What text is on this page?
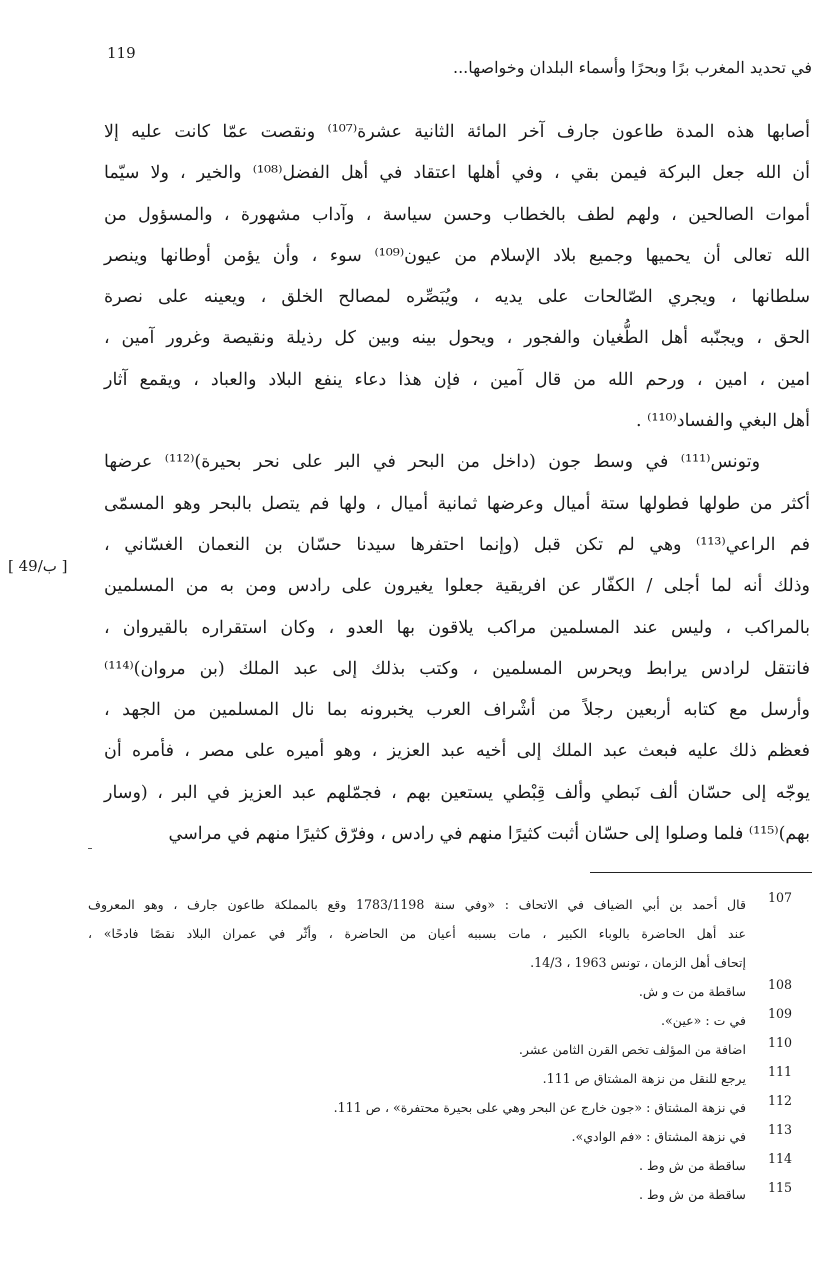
119
في تحديد المغرب برًا وبحرًا وأسماء البلدان وخواصها...
أصابها هذه المدة طاعون جارف آخر المائة الثانية عشرة⁽¹⁰⁷⁾ ونقصت عمّا كانت عليه إلا
أن الله جعل البركة فيمن بقي ، وفي أهلها اعتقاد في أهل الفضل⁽¹⁰⁸⁾ والخير ، ولا سيّما
أموات الصالحين ، ولهم لطف بالخطاب وحسن سياسة ، وآداب مشهورة ، والمسؤول من
الله تعالى أن يحميها وجميع بلاد الإسلام من عيون⁽¹⁰⁹⁾ سوء ، وأن يؤمن أوطانها وينصر
سلطانها ، ويجري الصّالحات على يديه ، ويُبَصِّره لمصالح الخلق ، ويعينه على نصرة
الحق ، ويجنّبه أهل الطُّغيان والفجور ، ويحول بينه وبين كل رذيلة ونقيصة وغرور آمين ،
امين ، امين ، ورحم الله من قال آمين ، فإن هذا دعاء ينفع البلاد والعباد ، ويقمع آثار
أهل البغي والفساد⁽¹¹⁰⁾ .
وتونس⁽¹¹¹⁾ في وسط جون (داخل من البحر في البر على نحر بحيرة)⁽¹¹²⁾ عرضها
أكثر من طولها فطولها ستة أميال وعرضها ثمانية أميال ، ولها فم يتصل بالبحر وهو المسمّى
فم الراعي⁽¹¹³⁾ وهي لم تكن قبل (وإنما احتفرها سيدنا حسّان بن النعمان الغسّاني ،
وذلك أنه لما أجلى / الكفّار عن افريقية جعلوا يغيرون على رادس ومن به من المسلمين
بالمراكب ، وليس عند المسلمين مراكب يلاقون بها العدو ، وكان استقراره بالقيروان ،
فانتقل لرادس يرابط ويحرس المسلمين ، وكتب بذلك إلى عبد الملك (بن مروان)⁽¹¹⁴⁾
وأرسل مع كتابه أربعين رجلاً من أشْراف العرب يخبرونه بما نال المسلمين من الجهد ،
فعظم ذلك عليه فبعث عبد الملك إلى أخيه عبد العزيز ، وهو أميره على مصر ، فأمره أن
يوجّه إلى حسّان ألف نَبطي وألف قِبْطي يستعين بهم ، فجمّلهم عبد العزيز في البر ، (وسار
بهم)⁽¹¹⁵⁾ فلما وصلوا إلى حسّان أثبت كثيرًا منهم في رادس ، وفرّق كثيرًا منهم في مراسي
[ 49/ب ]
107
قال أحمد بن أبي الضياف في الاتحاف : «وفي سنة 1783/1198 وقع بالمملكة طاعون جارف ، وهو المعروف
عند أهل الحاضرة بالوباء الكبير ، مات بسببه أعيان من الحاضرة ، وأثّر في عمران البلاد نقصًا فادحًا» ،
إتحاف أهل الزمان ، تونس 1963 ، 14/3.
108
ساقطة من ت و ش.
109
في ت : «عين».
110
اضافة من المؤلف تخص القرن الثامن عشر.
111
يرجع للنقل من نزهة المشتاق ص 111.
112
في نزهة المشتاق : «جون خارج عن البحر وهي على بحيرة محتفرة» ، ص 111.
113
في نزهة المشتاق : «فم الوادي».
114
ساقطة من ش وط .
115
ساقطة من ش وط .
